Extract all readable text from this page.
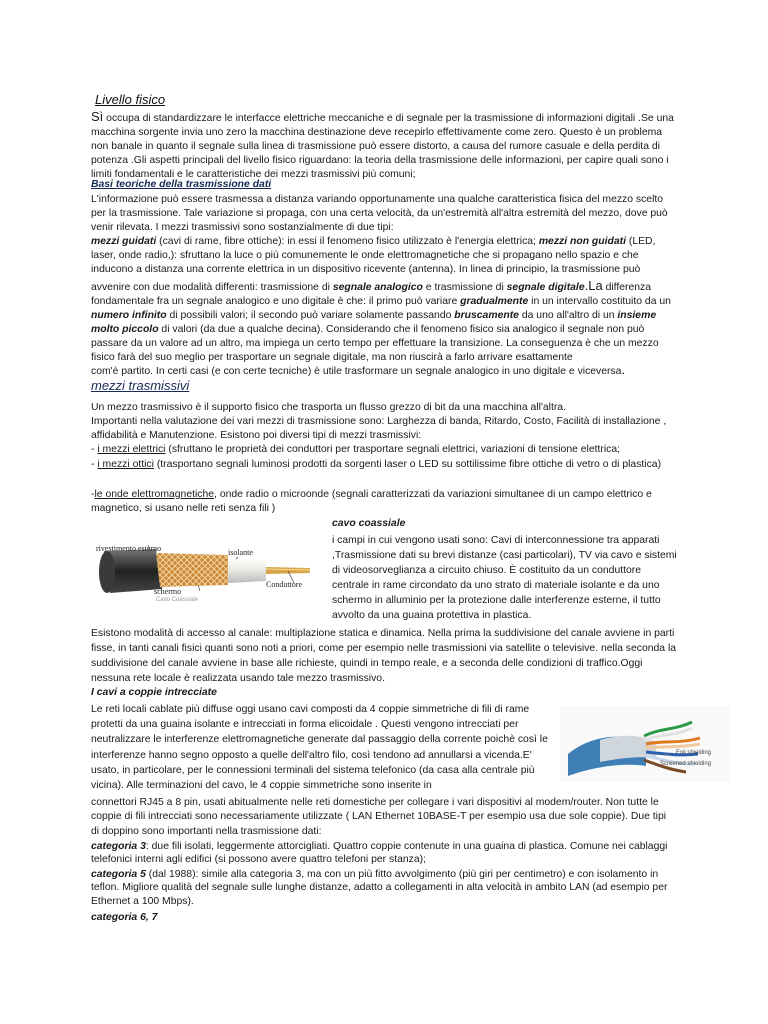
Livello fisico

Sì occupa di standardizzare le interfacce elettriche meccaniche e di segnale per la trasmissione di informazioni digitali .Se una macchina sorgente invia uno zero la macchina destinazione deve recepirlo effettivamente come zero. Questo è un problema non banale in quanto il segnale sulla linea di trasmissione può essere distorto, a causa del rumore casuale e della perdita di potenza .Gli aspetti principali del livello fisico riguardano: la teoria della trasmissione delle informazioni, per capire quali sono i limiti fondamentali e le caratteristiche dei mezzi trasmissivi più comuni;

Basi teoriche della trasmissione dati

L'informazione può essere trasmessa a distanza variando opportunamente una qualche caratteristica fisica del mezzo scelto per la trasmissione. Tale variazione si propaga, con una certa velocità, da un'estremità all'altra estremità del mezzo, dove può venir rilevata. I mezzi trasmissivi sono sostanzialmente di due tipi:

mezzi guidati (cavi di rame, fibre ottiche): in essi il fenomeno fisico utilizzato è l'energia elettrica; mezzi non guidati (LED, laser, onde radio,): sfruttano la luce o più comunemente le onde elettromagnetiche che si propagano nello spazio e che inducono a distanza una corrente elettrica in un dispositivo ricevente (antenna). In linea di principio, la trasmissione può

avvenire con due modalità differenti: trasmissione di segnale analogico e trasmissione di segnale digitale.La differenza fondamentale fra un segnale analogico e uno digitale è che: il primo può variare gradualmente in un intervallo costituito da un numero infinito di possibili valori; il secondo può variare solamente passando bruscamente da uno all'altro di un insieme molto piccolo di valori (da due a qualche decina). Considerando che il fenomeno fisico sia analogico il segnale non può passare da un valore ad un altro, ma impiega un certo tempo per effettuare la transizione. La conseguenza è che un mezzo fisico farà del suo meglio per trasportare un segnale digitale, ma non riuscirà a farlo arrivare esattamente

com'è partito. In certi casi (e con certe tecniche) è utile trasformare un segnale analogico in uno digitale e viceversa.

mezzi trasmissivi

Un mezzo trasmissivo è il supporto fisico che trasporta un flusso grezzo di bit da una macchina all'altra.

Importanti nella valutazione dei vari mezzi di trasmissione sono: Larghezza di banda, Ritardo, Costo, Facilità di installazione , affidabilità e Manutenzione. Esistono poi diversi tipi di mezzi trasmissivi:

- i mezzi elettrici (sfruttano le proprietà dei conduttori per trasportare segnali elettrici, variazioni di tensione elettrica;

- i mezzi ottici (trasportano segnali luminosi prodotti da sorgenti laser o LED su sottilissime fibre ottiche di vetro o di plastica)

-le onde elettromagnetiche, onde radio o microonde (segnali caratterizzati da variazioni simultanee di un campo elettrico e magnetico, si usano nelle reti senza fili )

rivestimento esterno	isolante
Conduttore
schermo
Cavo Coassiale
cavo coassiale

i campi in cui vengono usati sono: Cavi di interconnessione tra apparati ,Trasmissione dati su brevi distanze (casi particolari), TV via cavo e sistemi di videosorveglianza a circuito chiuso. È costituito da un conduttore centrale in rame circondato da uno strato di materiale isolante e da uno schermo in alluminio per la protezione dalle interferenze esterne, il tutto avvolto da una guaina protettiva in plastica.

Esistono modalità di accesso al canale: multiplazione statica e dinamica. Nella prima la suddivisione del canale avviene in parti fisse, in tanti canali fisici quanti sono noti a priori, come per esempio nelle trasmissioni via satellite o televisive. nella seconda la suddivisione del canale avviene in base alle richieste, quindi in tempo reale, e a seconda delle condizioni di traffico.Oggi nessuna rete locale è realizzata usando tale mezzo trasmissivo.

I cavi a coppie intrecciate

Le reti locali cablate più diffuse oggi usano cavi composti da 4 coppie simmetriche di fili di rame protetti da una guaina isolante e intrecciati in forma elicoidale . Questi vengono intrecciati per neutralizzare le interferenze elettromagnetiche generate dal passaggio della corrente poichè così le interferenze hanno segno opposto a quelle dell'altro filo, così tendono ad annullarsi a vicenda.E' usato, in particolare, per le connessioni terminali del sistema telefonico (da casa alla centrale più vicina). Alle terminazioni del cavo, le 4 coppie simmetriche sono inserite in

Foil shielding
Screened shielding

connettori RJ45 a 8 pin, usati abitualmente nelle reti domestiche per collegare i vari dispositivi al modem/router. Non tutte le coppie di fili intrecciati sono necessariamente utilizzate ( LAN Ethernet 10BASE-T per esempio usa due sole coppie). Due tipi di doppino sono importanti nella trasmissione dati:

categoria 3: due fili isolati, leggermente attorcigliati. Quattro coppie contenute in una guaina di plastica. Comune nei cablaggi telefonici interni agli edifici (si possono avere quattro telefoni per stanza);

categoria 5 (dal 1988): simile alla categoria 3, ma con un più fitto avvolgimento (più giri per centimetro) e con isolamento in teflon. Migliore qualità del segnale sulle lunghe distanze, adatto a collegamenti in alta velocità in ambito LAN (ad esempio per Ethernet a 100 Mbps).

categoria 6, 7
